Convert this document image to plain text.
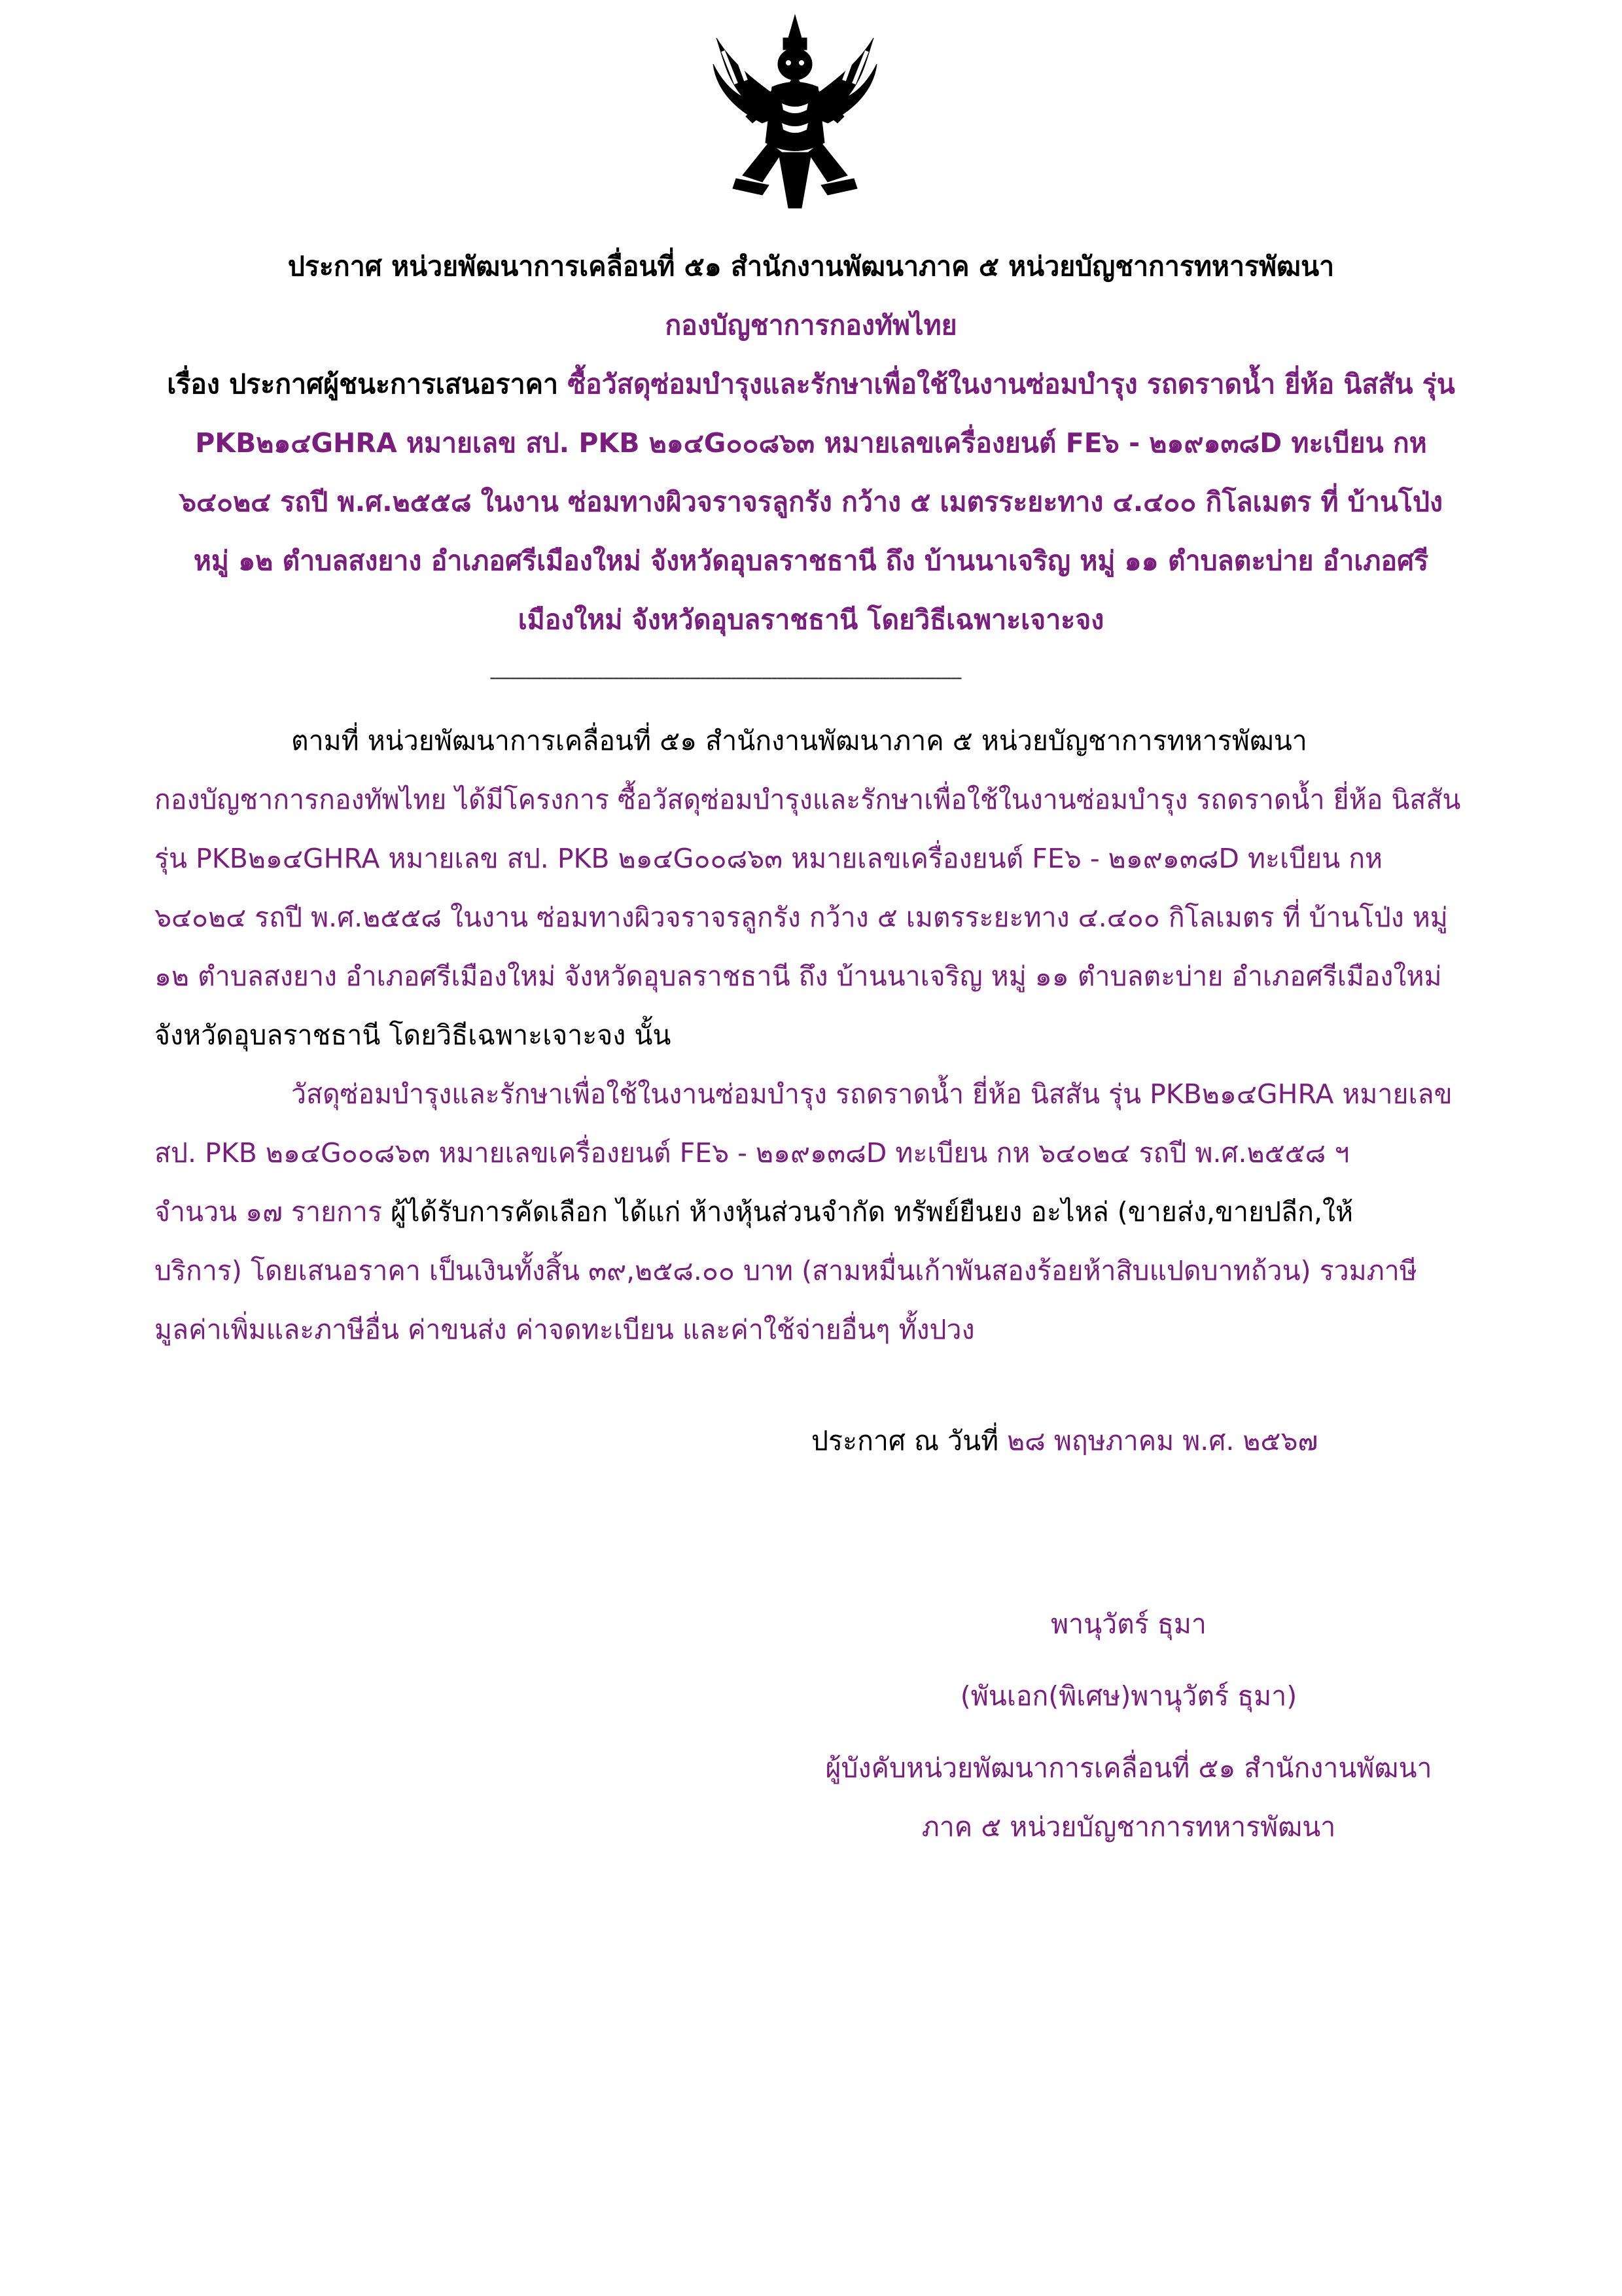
ประกาศ หน่วยพัฒนาการเคลื่อนที่ ๕๑ สำนักงานพัฒนาภาค ๕ หน่วยบัญชาการทหารพัฒนา
กองบัญชาการกองทัพไทย
เรื่อง ประกาศผู้ชนะการเสนอราคา ซื้อวัสดุซ่อมบำรุงและรักษาเพื่อใช้ในงานซ่อมบำรุง รถดราดน้ำ ยี่ห้อ นิสสัน รุ่น
PKB๒๑๔GHRA หมายเลข สป. PKB ๒๑๔G๐๐๘๖๓ หมายเลขเครื่องยนต์ FE๖ - ๒๑๙๑๓๘D ทะเบียน กห
๖๔๐๒๔ รถปี พ.ศ.๒๕๕๘ ในงาน ซ่อมทางผิวจราจรลูกรัง กว้าง ๕ เมตรระยะทาง ๔.๔๐๐ กิโลเมตร ที่ บ้านโป่ง
หมู่ ๑๒ ตำบลสงยาง อำเภอศรีเมืองใหม่ จังหวัดอุบลราชธานี ถึง บ้านนาเจริญ หมู่ ๑๑ ตำบลตะบ่าย อำเภอศรี
เมืองใหม่ จังหวัดอุบลราชธานี โดยวิธีเฉพาะเจาะจง
--------------------------------------------------------------------------------------------
ตามที่ หน่วยพัฒนาการเคลื่อนที่ ๕๑ สำนักงานพัฒนาภาค ๕ หน่วยบัญชาการทหารพัฒนา
กองบัญชาการกองทัพไทย ได้มีโครงการ ซื้อวัสดุซ่อมบำรุงและรักษาเพื่อใช้ในงานซ่อมบำรุง รถดราดน้ำ ยี่ห้อ นิสสัน
รุ่น PKB๒๑๔GHRA หมายเลข สป. PKB ๒๑๔G๐๐๘๖๓ หมายเลขเครื่องยนต์ FE๖ - ๒๑๙๑๓๘D ทะเบียน กห
๖๔๐๒๔ รถปี พ.ศ.๒๕๕๘ ในงาน ซ่อมทางผิวจราจรลูกรัง กว้าง ๕ เมตรระยะทาง ๔.๔๐๐ กิโลเมตร ที่ บ้านโป่ง หมู่
๑๒ ตำบลสงยาง อำเภอศรีเมืองใหม่ จังหวัดอุบลราชธานี ถึง บ้านนาเจริญ หมู่ ๑๑ ตำบลตะบ่าย อำเภอศรีเมืองใหม่
จังหวัดอุบลราชธานี โดยวิธีเฉพาะเจาะจง นั้น
วัสดุซ่อมบำรุงและรักษาเพื่อใช้ในงานซ่อมบำรุง รถดราดน้ำ ยี่ห้อ นิสสัน รุ่น PKB๒๑๔GHRA หมายเลข
สป. PKB ๒๑๔G๐๐๘๖๓ หมายเลขเครื่องยนต์ FE๖ - ๒๑๙๑๓๘D ทะเบียน กห ๖๔๐๒๔ รถปี พ.ศ.๒๕๕๘ ฯ
จำนวน ๑๗ รายการ ผู้ได้รับการคัดเลือก ได้แก่ ห้างหุ้นส่วนจำกัด ทรัพย์ยืนยง อะไหล่ (ขายส่ง,ขายปลีก,ให้
บริการ) โดยเสนอราคา เป็นเงินทั้งสิ้น ๓๙,๒๕๘.๐๐ บาท (สามหมื่นเก้าพันสองร้อยห้าสิบแปดบาทถ้วน) รวมภาษี
มูลค่าเพิ่มและภาษีอื่น ค่าขนส่ง ค่าจดทะเบียน และค่าใช้จ่ายอื่นๆ ทั้งปวง
ประกาศ ณ วันที่ ๒๘ พฤษภาคม พ.ศ. ๒๕๖๗
พานุวัตร์ ธุมา
(พันเอก(พิเศษ)พานุวัตร์ ธุมา)
ผู้บังคับหน่วยพัฒนาการเคลื่อนที่ ๕๑ สำนักงานพัฒนา
ภาค ๕ หน่วยบัญชาการทหารพัฒนา
